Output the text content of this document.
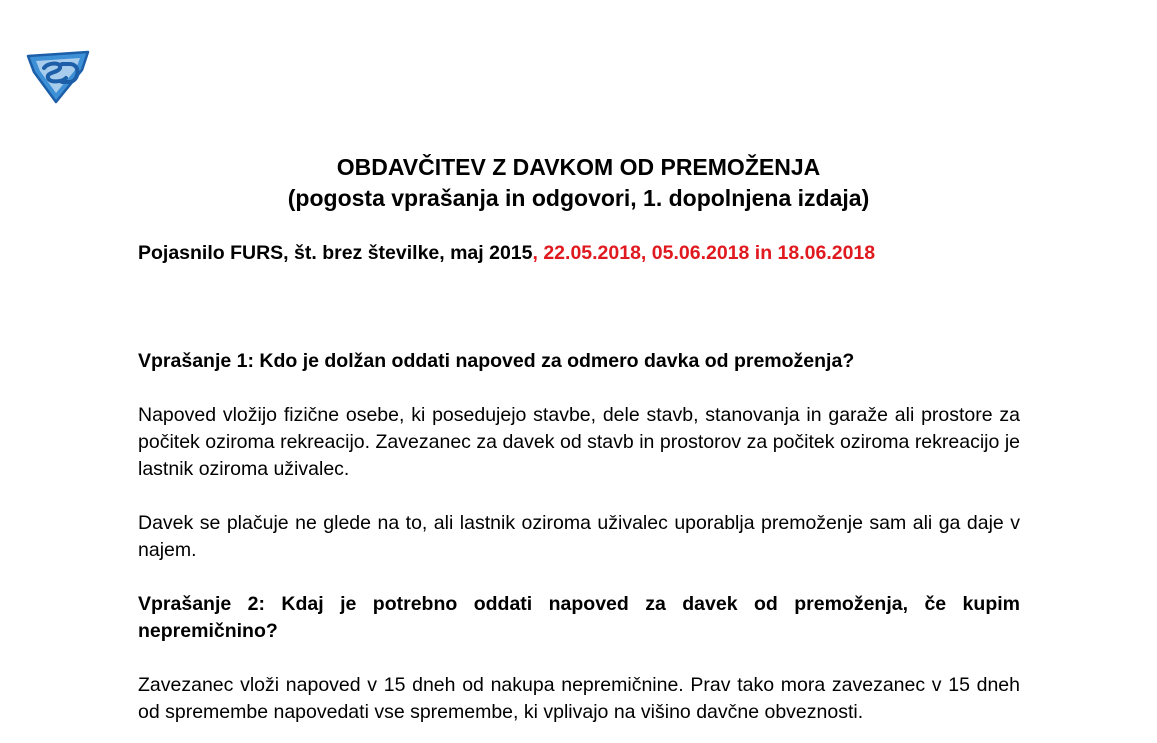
OBDAVČITEV Z DAVKOM OD PREMOŽENJA
(pogosta vprašanja in odgovori, 1. dopolnjena izdaja)

Pojasnilo FURS, št. brez številke, maj 2015, 22.05.2018, 05.06.2018 in 18.06.2018

Vprašanje 1: Kdo je dolžan oddati napoved za odmero davka od premoženja?

Napoved vložijo fizične osebe, ki posedujejo stavbe, dele stavb, stanovanja in garaže ali prostore za počitek oziroma rekreacijo. Zavezanec za davek od stavb in prostorov za počitek oziroma rekreacijo je lastnik oziroma uživalec.

Davek se plačuje ne glede na to, ali lastnik oziroma uživalec uporablja premoženje sam ali ga daje v najem.

Vprašanje 2: Kdaj je potrebno oddati napoved za davek od premoženja, če kupim nepremičnino?

Zavezanec vloži napoved v 15 dneh od nakupa nepremičnine. Prav tako mora zavezanec v 15 dneh od spremembe napovedati vse spremembe, ki vplivajo na višino davčne obveznosti.
